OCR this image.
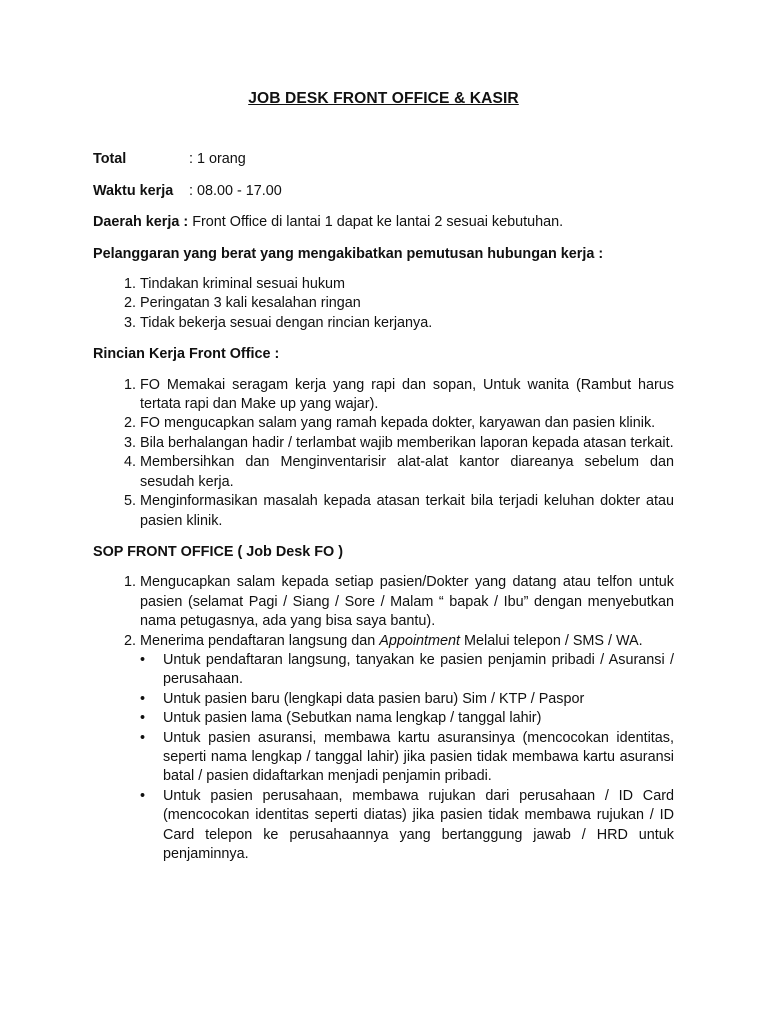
JOB DESK FRONT OFFICE & KASIR
Total	: 1 orang
Waktu kerja : 08.00 - 17.00
Daerah kerja : Front Office di lantai 1 dapat ke lantai 2 sesuai kebutuhan.
Pelanggaran yang berat yang mengakibatkan pemutusan hubungan kerja :
1. Tindakan kriminal sesuai hukum
2. Peringatan 3 kali kesalahan ringan
3. Tidak bekerja sesuai dengan rincian kerjanya.
Rincian Kerja Front Office :
1. FO Memakai seragam kerja yang rapi dan sopan, Untuk wanita (Rambut harus tertata rapi dan Make up yang wajar).
2. FO mengucapkan salam yang ramah kepada dokter, karyawan dan pasien klinik.
3. Bila berhalangan hadir / terlambat wajib memberikan laporan kepada atasan terkait.
4. Membersihkan dan Menginventarisir alat-alat kantor diareanya sebelum dan sesudah kerja.
5. Menginformasikan masalah kepada atasan terkait bila terjadi keluhan dokter atau pasien klinik.
SOP FRONT OFFICE ( Job Desk FO )
1. Mengucapkan salam kepada setiap pasien/Dokter yang datang atau telfon untuk pasien (selamat Pagi / Siang / Sore / Malam “ bapak / Ibu” dengan menyebutkan nama petugasnya, ada yang bisa saya bantu).
2. Menerima pendaftaran langsung dan Appointment Melalui telepon / SMS / WA.
• Untuk pendaftaran langsung, tanyakan ke pasien penjamin pribadi / Asuransi / perusahaan.
• Untuk pasien baru (lengkapi data pasien baru) Sim / KTP / Paspor
• Untuk pasien lama (Sebutkan nama lengkap / tanggal lahir)
• Untuk pasien asuransi, membawa kartu asuransinya (mencocokan identitas, seperti nama lengkap / tanggal lahir) jika pasien tidak membawa kartu asuransi batal / pasien didaftarkan menjadi penjamin pribadi.
• Untuk pasien perusahaan, membawa rujukan dari perusahaan / ID Card (mencocokan identitas seperti diatas) jika pasien tidak membawa rujukan / ID Card telepon ke perusahaannya yang bertanggung jawab / HRD untuk penjaminnya.
